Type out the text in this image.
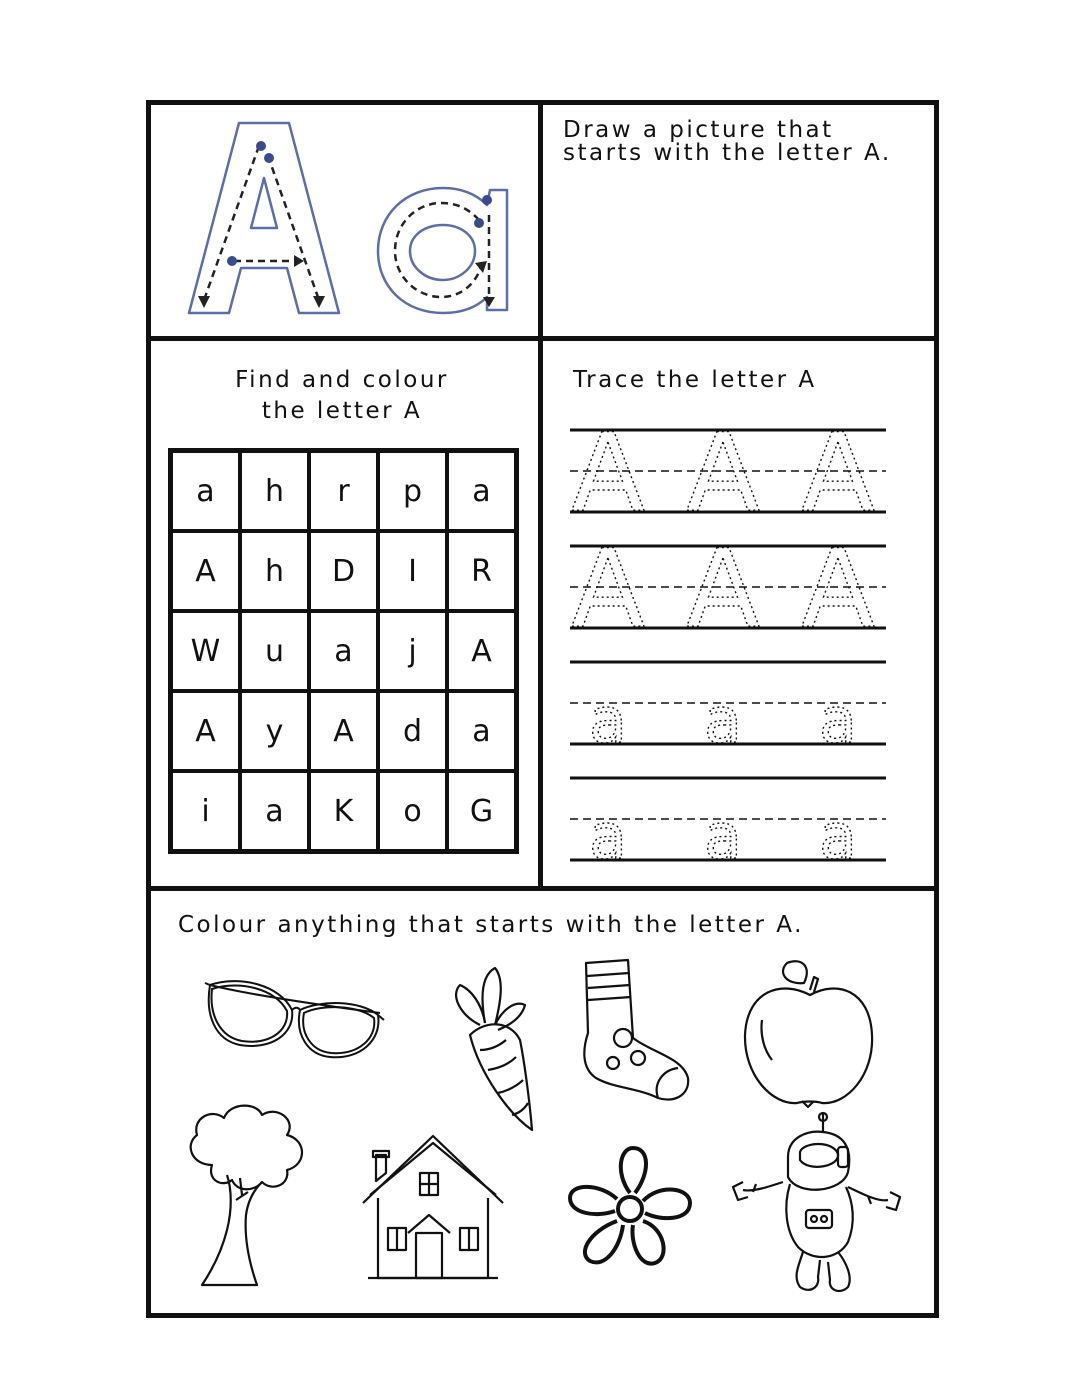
Draw a picture that
starts with the letter A.
Find and colour
the letter A
a	h	r	p	a
A	h	D	I	R
W	u	a	j	A
A	y	A	d	a
i	a	K	o	G
Trace the letter A
A A A
A A A
a a a
a a a
Colour anything that starts with the letter A.
